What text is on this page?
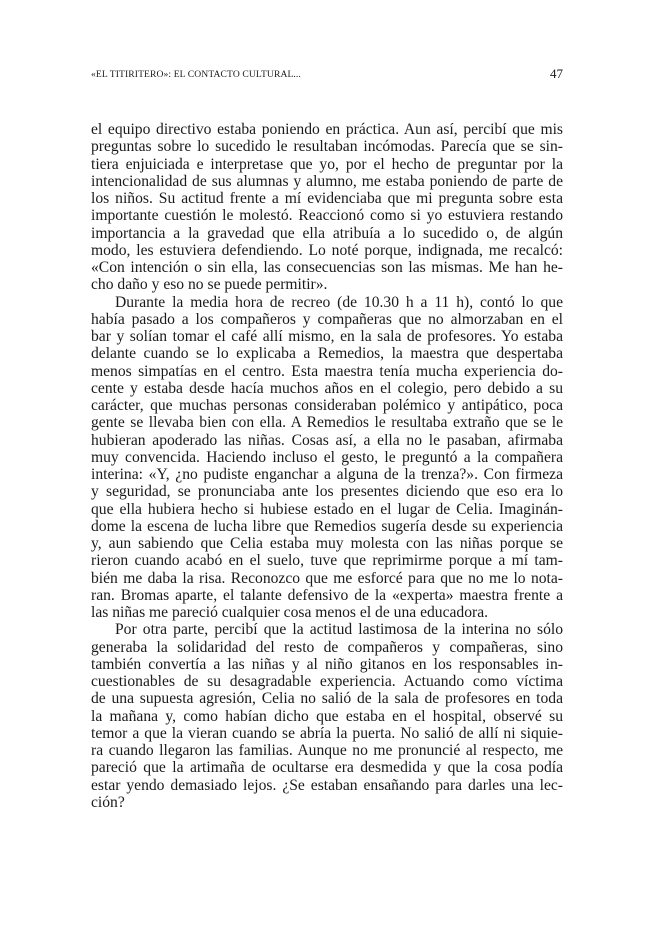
«EL TITIRITERO»: EL CONTACTO CULTURAL...	47
el equipo directivo estaba poniendo en práctica. Aun así, percibí que mis
preguntas sobre lo sucedido le resultaban incómodas. Parecía que se sin-
tiera enjuiciada e interpretase que yo, por el hecho de preguntar por la
intencionalidad de sus alumnas y alumno, me estaba poniendo de parte de
los niños. Su actitud frente a mí evidenciaba que mi pregunta sobre esta
importante cuestión le molestó. Reaccionó como si yo estuviera restando
importancia a la gravedad que ella atribuía a lo sucedido o, de algún
modo, les estuviera defendiendo. Lo noté porque, indignada, me recalcó:
«Con intención o sin ella, las consecuencias son las mismas. Me han he-
cho daño y eso no se puede permitir».
Durante la media hora de recreo (de 10.30 h a 11 h), contó lo que
había pasado a los compañeros y compañeras que no almorzaban en el
bar y solían tomar el café allí mismo, en la sala de profesores. Yo estaba
delante cuando se lo explicaba a Remedios, la maestra que despertaba
menos simpatías en el centro. Esta maestra tenía mucha experiencia do-
cente y estaba desde hacía muchos años en el colegio, pero debido a su
carácter, que muchas personas consideraban polémico y antipático, poca
gente se llevaba bien con ella. A Remedios le resultaba extraño que se le
hubieran apoderado las niñas. Cosas así, a ella no le pasaban, afirmaba
muy convencida. Haciendo incluso el gesto, le preguntó a la compañera
interina: «Y, ¿no pudiste enganchar a alguna de la trenza?». Con firmeza
y seguridad, se pronunciaba ante los presentes diciendo que eso era lo
que ella hubiera hecho si hubiese estado en el lugar de Celia. Imaginán-
dome la escena de lucha libre que Remedios sugería desde su experiencia
y, aun sabiendo que Celia estaba muy molesta con las niñas porque se
rieron cuando acabó en el suelo, tuve que reprimirme porque a mí tam-
bién me daba la risa. Reconozco que me esforcé para que no me lo nota-
ran. Bromas aparte, el talante defensivo de la «experta» maestra frente a
las niñas me pareció cualquier cosa menos el de una educadora.
Por otra parte, percibí que la actitud lastimosa de la interina no sólo
generaba la solidaridad del resto de compañeros y compañeras, sino
también convertía a las niñas y al niño gitanos en los responsables in-
cuestionables de su desagradable experiencia. Actuando como víctima
de una supuesta agresión, Celia no salió de la sala de profesores en toda
la mañana y, como habían dicho que estaba en el hospital, observé su
temor a que la vieran cuando se abría la puerta. No salió de allí ni siquie-
ra cuando llegaron las familias. Aunque no me pronuncié al respecto, me
pareció que la artimaña de ocultarse era desmedida y que la cosa podía
estar yendo demasiado lejos. ¿Se estaban ensañando para darles una lec-
ción?
